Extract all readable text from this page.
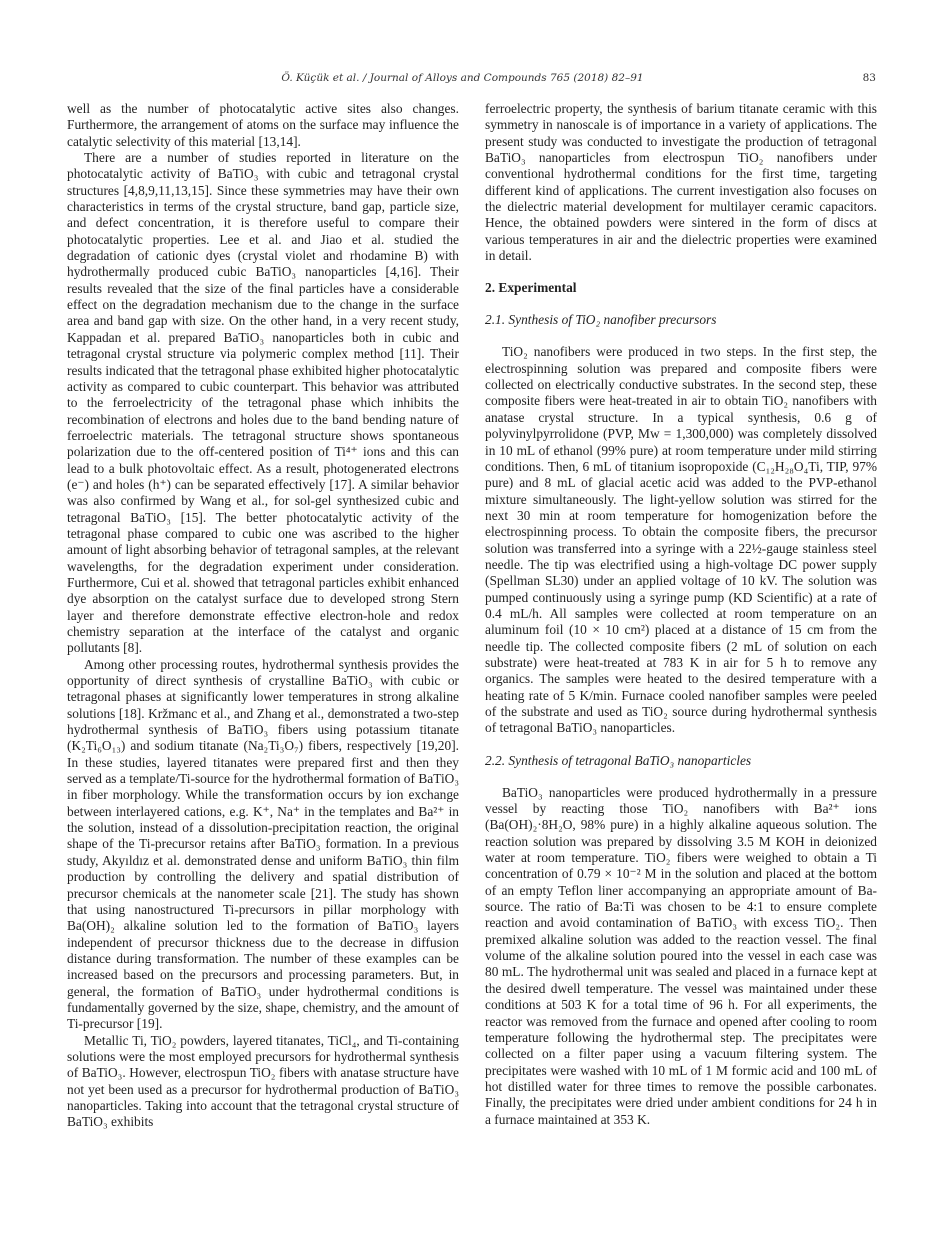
Ö. Küçük et al. / Journal of Alloys and Compounds 765 (2018) 82–91	83

well as the number of photocatalytic active sites also changes. Furthermore, the arrangement of atoms on the surface may influence the catalytic selectivity of this material [13,14].

There are a number of studies reported in literature on the photocatalytic activity of BaTiO₃ with cubic and tetragonal crystal structures [4,8,9,11,13,15]. Since these symmetries may have their own characteristics in terms of the crystal structure, band gap, particle size, and defect concentration, it is therefore useful to compare their photocatalytic properties. Lee et al. and Jiao et al. studied the degradation of cationic dyes (crystal violet and rhodamine B) with hydrothermally produced cubic BaTiO₃ nanoparticles [4,16]. Their results revealed that the size of the final particles have a considerable effect on the degradation mechanism due to the change in the surface area and band gap with size. On the other hand, in a very recent study, Kappadan et al. prepared BaTiO₃ nanoparticles both in cubic and tetragonal crystal structure via polymeric complex method [11]. Their results indicated that the tetragonal phase exhibited higher photocatalytic activity as compared to cubic counterpart. This behavior was attributed to the ferroelectricity of the tetragonal phase which inhibits the recombination of electrons and holes due to the band bending nature of ferroelectric materials. The tetragonal structure shows spontaneous polarization due to the off-centered position of Ti⁴⁺ ions and this can lead to a bulk photovoltaic effect. As a result, photogenerated electrons (e⁻) and holes (h⁺) can be separated effectively [17]. A similar behavior was also confirmed by Wang et al., for sol-gel synthesized cubic and tetragonal BaTiO₃ [15]. The better photocatalytic activity of the tetragonal phase compared to cubic one was ascribed to the higher amount of light absorbing behavior of tetragonal samples, at the relevant wavelengths, for the degradation experiment under consideration. Furthermore, Cui et al. showed that tetragonal particles exhibit enhanced dye absorption on the catalyst surface due to developed strong Stern layer and therefore demonstrate effective electron-hole and redox chemistry separation at the interface of the catalyst and organic pollutants [8].

Among other processing routes, hydrothermal synthesis provides the opportunity of direct synthesis of crystalline BaTiO₃ with cubic or tetragonal phases at significantly lower temperatures in strong alkaline solutions [18]. Kržmanc et al., and Zhang et al., demonstrated a two-step hydrothermal synthesis of BaTiO₃ fibers using potassium titanate (K₂Ti₆O₁₃) and sodium titanate (Na₂Ti₃O₇) fibers, respectively [19,20]. In these studies, layered titanates were prepared first and then they served as a template/Ti-source for the hydrothermal formation of BaTiO₃ in fiber morphology. While the transformation occurs by ion exchange between interlayered cations, e.g. K⁺, Na⁺ in the templates and Ba²⁺ in the solution, instead of a dissolution-precipitation reaction, the original shape of the Ti-precursor retains after BaTiO₃ formation. In a previous study, Akyıldız et al. demonstrated dense and uniform BaTiO₃ thin film production by controlling the delivery and spatial distribution of precursor chemicals at the nanometer scale [21]. The study has shown that using nanostructured Ti-precursors in pillar morphology with Ba(OH)₂ alkaline solution led to the formation of BaTiO₃ layers independent of precursor thickness due to the decrease in diffusion distance during transformation. The number of these examples can be increased based on the precursors and processing parameters. But, in general, the formation of BaTiO₃ under hydrothermal conditions is fundamentally governed by the size, shape, chemistry, and the amount of Ti-precursor [19].

Metallic Ti, TiO₂ powders, layered titanates, TiCl₄, and Ti-containing solutions were the most employed precursors for hydrothermal synthesis of BaTiO₃. However, electrospun TiO₂ fibers with anatase structure have not yet been used as a precursor for hydrothermal production of BaTiO₃ nanoparticles. Taking into account that the tetragonal crystal structure of BaTiO₃ exhibits

ferroelectric property, the synthesis of barium titanate ceramic with this symmetry in nanoscale is of importance in a variety of applications. The present study was conducted to investigate the production of tetragonal BaTiO₃ nanoparticles from electrospun TiO₂ nanofibers under conventional hydrothermal conditions for the first time, targeting different kind of applications. The current investigation also focuses on the dielectric material development for multilayer ceramic capacitors. Hence, the obtained powders were sintered in the form of discs at various temperatures in air and the dielectric properties were examined in detail.

2. Experimental
2.1. Synthesis of TiO₂ nanofiber precursors

TiO₂ nanofibers were produced in two steps. In the first step, the electrospinning solution was prepared and composite fibers were collected on electrically conductive substrates. In the second step, these composite fibers were heat-treated in air to obtain TiO₂ nanofibers with anatase crystal structure. In a typical synthesis, 0.6 g of polyvinylpyrrolidone (PVP, Mw = 1,300,000) was completely dissolved in 10 mL of ethanol (99% pure) at room temperature under mild stirring conditions. Then, 6 mL of titanium isopropoxide (C₁₂H₂₈O₄Ti, TIP, 97% pure) and 8 mL of glacial acetic acid was added to the PVP-ethanol mixture simultaneously. The light-yellow solution was stirred for the next 30 min at room temperature for homogenization before the electrospinning process. To obtain the composite fibers, the precursor solution was transferred into a syringe with a 22½-gauge stainless steel needle. The tip was electrified using a high-voltage DC power supply (Spellman SL30) under an applied voltage of 10 kV. The solution was pumped continuously using a syringe pump (KD Scientific) at a rate of 0.4 mL/h. All samples were collected at room temperature on an aluminum foil (10 × 10 cm²) placed at a distance of 15 cm from the needle tip. The collected composite fibers (2 mL of solution on each substrate) were heat-treated at 783 K in air for 5 h to remove any organics. The samples were heated to the desired temperature with a heating rate of 5 K/min. Furnace cooled nanofiber samples were peeled of the substrate and used as TiO₂ source during hydrothermal synthesis of tetragonal BaTiO₃ nanoparticles.

2.2. Synthesis of tetragonal BaTiO₃ nanoparticles

BaTiO₃ nanoparticles were produced hydrothermally in a pressure vessel by reacting those TiO₂ nanofibers with Ba²⁺ ions (Ba(OH)₂·8H₂O, 98% pure) in a highly alkaline aqueous solution. The reaction solution was prepared by dissolving 3.5 M KOH in deionized water at room temperature. TiO₂ fibers were weighed to obtain a Ti concentration of 0.79 × 10⁻² M in the solution and placed at the bottom of an empty Teflon liner accompanying an appropriate amount of Ba-source. The ratio of Ba:Ti was chosen to be 4:1 to ensure complete reaction and avoid contamination of BaTiO₃ with excess TiO₂. Then premixed alkaline solution was added to the reaction vessel. The final volume of the alkaline solution poured into the vessel in each case was 80 mL. The hydrothermal unit was sealed and placed in a furnace kept at the desired dwell temperature. The vessel was maintained under these conditions at 503 K for a total time of 96 h. For all experiments, the reactor was removed from the furnace and opened after cooling to room temperature following the hydrothermal step. The precipitates were collected on a filter paper using a vacuum filtering system. The precipitates were washed with 10 mL of 1 M formic acid and 100 mL of hot distilled water for three times to remove the possible carbonates. Finally, the precipitates were dried under ambient conditions for 24 h in a furnace maintained at 353 K.
